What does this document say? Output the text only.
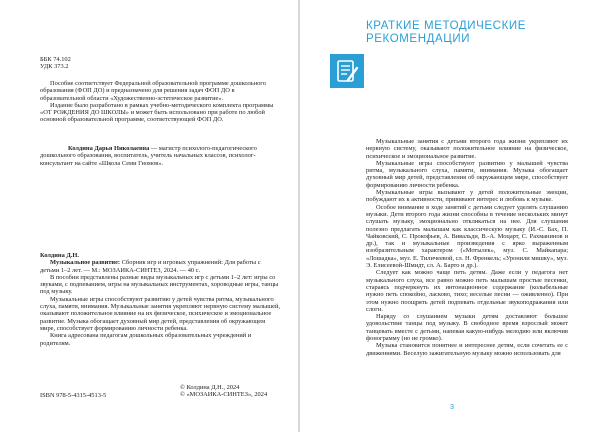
ББК 74.102
УДК 373.2

Пособие соответствует Федеральной образовательной программе дошкольного образования (ФОП ДО) и предназначено для решения задач ФОП ДО в образовательной области «Художественно-эстетическое развитие».

Издание было разработано в рамках учебно-методического комплекта программы «ОТ РОЖДЕНИЯ ДО ШКОЛЫ» и может быть использовано при работе по любой основной образовательной программе, соответствующей ФОП ДО.

Колдина Дарья Николаевна — магистр психолого-педагогического дошкольного образования, воспитатель, учитель начальных классов, психолог-консультант на сайте «Школа Семи Гномов».

Колдина Д.Н.

Музыкальное развитие: Сборник игр и игровых упражнений: Для работы с детьми 1–2 лет. — М.: МОЗАИКА-СИНТЕЗ, 2024. — 40 с.

В пособии представлены разные виды музыкальных игр с детьми 1–2 лет: игры со звуками, с подпеванием, игры на музыкальных инструментах, хороводные игры, танцы под музыку.

Музыкальные игры способствуют развитию у детей чувства ритма, музыкального слуха, памяти, внимания. Музыкальные занятия укрепляют нервную систему малышей, оказывают положительное влияние на их физическое, психическое и эмоциональное развитие. Музыка обогащает духовный мир детей, представления об окружающем мире, способствует формированию личности ребенка.

Книга адресована педагогам дошкольных образовательных учреждений и родителям.

ISBN 978-5-4315-4513-5
© Колдина Д.Н., 2024
© «МОЗАИКА-СИНТЕЗ», 2024
КРАТКИЕ МЕТОДИЧЕСКИЕ
РЕКОМЕНДАЦИИ

Музыкальные занятия с детьми второго года жизни укрепляют их нервную систему, оказывают положительное влияние на физическое, психическое и эмоциональное развитие.

Музыкальные игры способствуют развитию у малышей чувства ритма, музыкального слуха, памяти, внимания. Музыка обогащает духовный мир детей, представления об окружающем мире, способствует формированию личности ребенка.

Музыкальные игры вызывают у детей положительные эмоции, побуждают их к активности, прививают интерес и любовь к музыке.

Особое внимание в ходе занятий с детьми следует уделять слушанию музыки. Дети второго года жизни способны в течение нескольких минут слушать музыку, эмоционально откликаться на нее. Для слушания полезно предлагать малышам как классическую музыку (И.-С. Бах, П. Чайковский, С. Прокофьев, А. Вивальди, В.-А. Моцарт, С. Рахманинов и др.), так и музыкальные произведения с ярко выраженным изобразительным характером («Мотылек», муз. С. Майкапара; «Лошадка», муз. Е. Тиличеевой, сл. Н. Френкель; «Уронили мишку», муз. Э. Елисеевой-Шмидт, сл. А. Барто и др.).

Следует как можно чаще петь детям. Даже если у педагога нет музыкального слуха, все равно можно петь малышам простые песенки, стараясь подчеркнуть их интонационное содержание (колыбельные нужно петь спокойно, ласково, тихо; веселые песни — оживленно). При этом нужно поощрять детей подпевать отдельные звукоподражания или слоги.

Наряду со слушанием музыки детям доставляют большое удовольствие танцы под музыку. В свободное время взрослый может танцевать вместе с детьми, напевая какую-нибудь мелодию или включив фонограмму (но не громко).

Музыка становится понятнее и интереснее детям, если сочетать ее с движениями. Веселую зажигательную музыку можно использовать для

3
